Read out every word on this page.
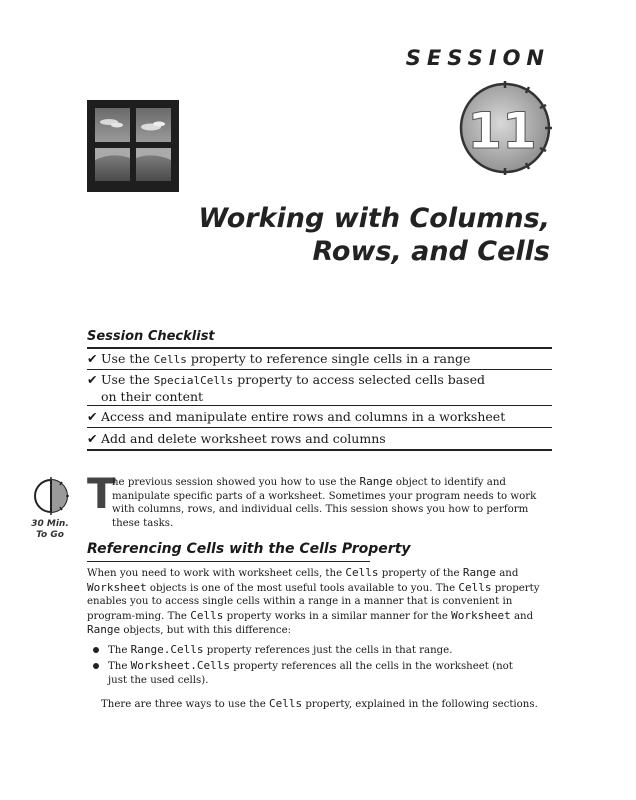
SESSION
11
Working with Columns,
Rows, and Cells
Session Checklist
✔ Use the Cells property to reference single cells in a range
✔ Use the SpecialCells property to access selected cells based
on their content
✔ Access and manipulate entire rows and columns in a worksheet
✔ Add and delete worksheet rows and columns
30 Min.
To Go
T
he previous session showed you how to use the Range object to identify and manipulate specific parts of a worksheet. Sometimes your program needs to work with columns, rows, and individual cells. This session shows you how to perform these tasks.
Referencing Cells with the Cells Property
When you need to work with worksheet cells, the Cells property of the Range and Worksheet objects is one of the most useful tools available to you. The Cells property enables you to access single cells within a range in a manner that is convenient in program-ming. The Cells property works in a similar manner for the Worksheet and Range objects, but with this difference:
The Range.Cells property references just the cells in that range.
The Worksheet.Cells property references all the cells in the worksheet (not just the used cells).
There are three ways to use the Cells property, explained in the following sections.
